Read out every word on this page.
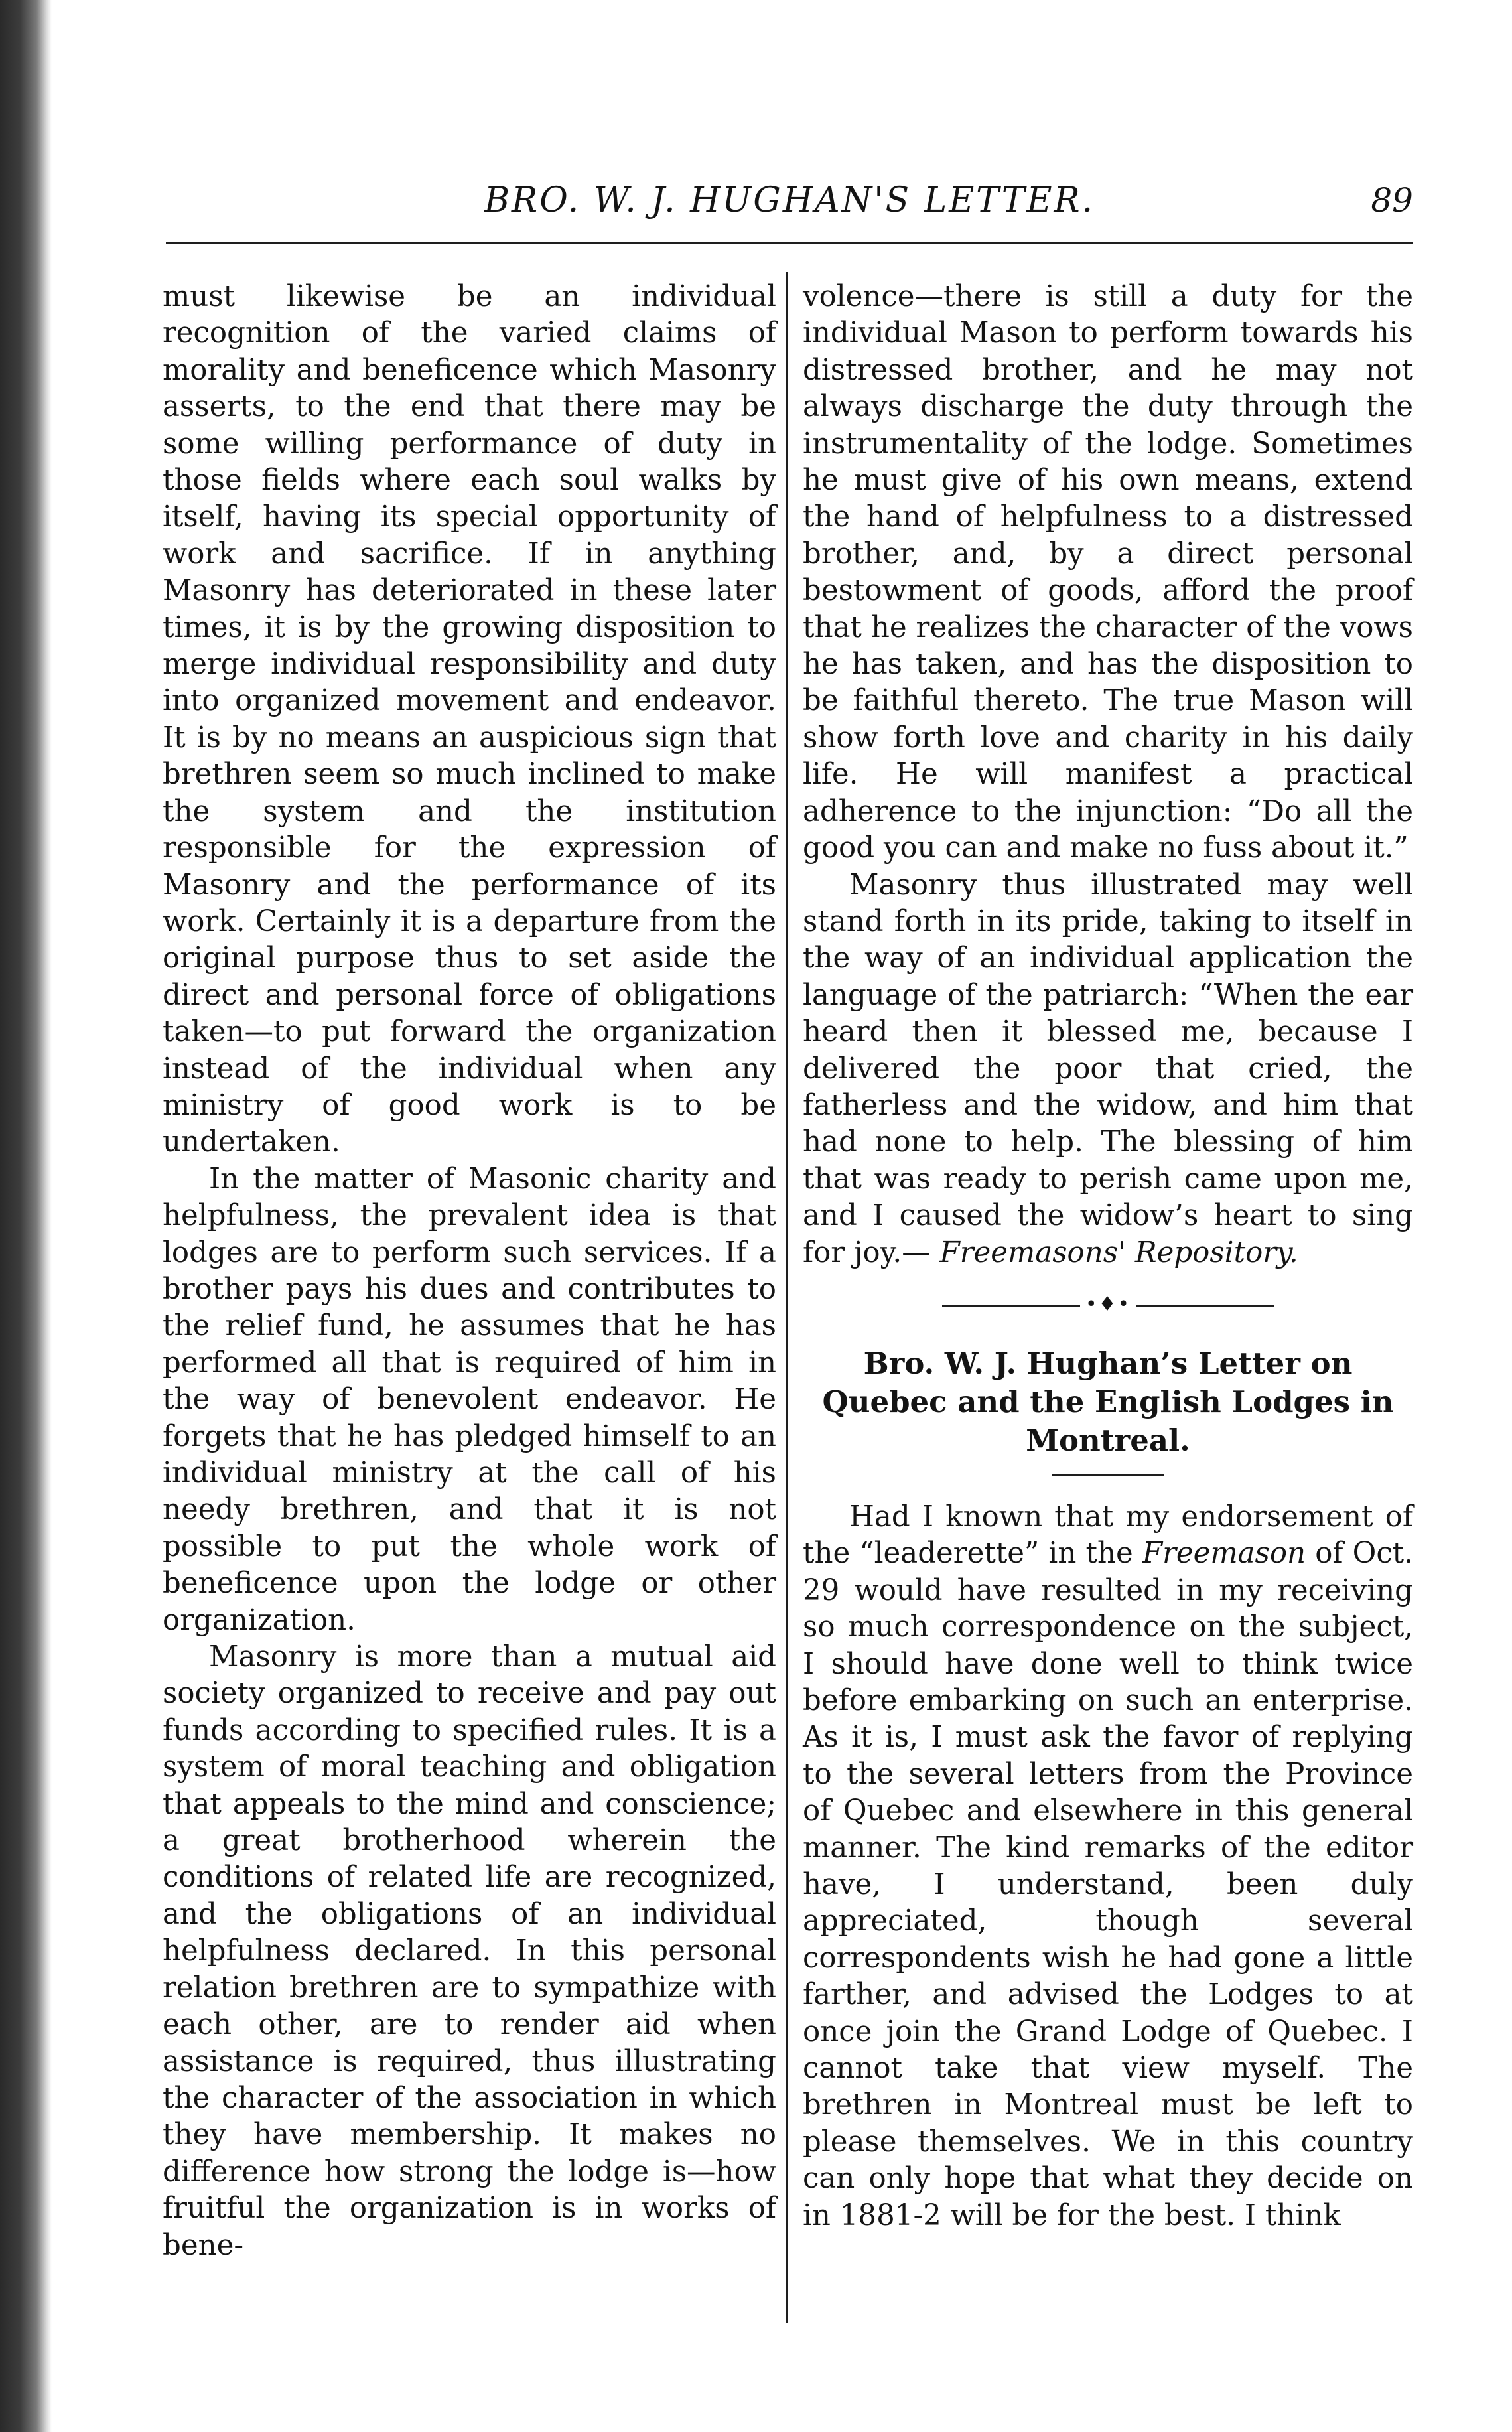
BRO. W. J. HUGHAN'S LETTER.	89

must likewise be an individual recognition of the varied claims of morality and beneficence which Masonry asserts, to the end that there may be some willing performance of duty in those fields where each soul walks by itself, having its special opportunity of work and sacrifice. If in anything Masonry has deteriorated in these later times, it is by the growing disposition to merge individual responsibility and duty into organized movement and endeavor. It is by no means an auspicious sign that brethren seem so much inclined to make the system and the institution responsible for the expression of Masonry and the performance of its work. Certainly it is a departure from the original purpose thus to set aside the direct and personal force of obligations taken—to put forward the organization instead of the individual when any ministry of good work is to be undertaken.

In the matter of Masonic charity and helpfulness, the prevalent idea is that lodges are to perform such services. If a brother pays his dues and contributes to the relief fund, he assumes that he has performed all that is required of him in the way of benevolent endeavor. He forgets that he has pledged himself to an individual ministry at the call of his needy brethren, and that it is not possible to put the whole work of beneficence upon the lodge or other organization.

Masonry is more than a mutual aid society organized to receive and pay out funds according to specified rules. It is a system of moral teaching and obligation that appeals to the mind and conscience; a great brotherhood wherein the conditions of related life are recognized, and the obligations of an individual helpfulness declared. In this personal relation brethren are to sympathize with each other, are to render aid when assistance is required, thus illustrating the character of the association in which they have membership. It makes no difference how strong the lodge is—how fruitful the organization is in works of bene-

volence—there is still a duty for the individual Mason to perform towards his distressed brother, and he may not always discharge the duty through the instrumentality of the lodge. Sometimes he must give of his own means, extend the hand of helpfulness to a distressed brother, and, by a direct personal bestowment of goods, afford the proof that he realizes the character of the vows he has taken, and has the disposition to be faithful thereto. The true Mason will show forth love and charity in his daily life. He will manifest a practical adherence to the injunction: “Do all the good you can and make no fuss about it.”

Masonry thus illustrated may well stand forth in its pride, taking to itself in the way of an individual application the language of the patriarch: “When the ear heard then it blessed me, because I delivered the poor that cried, the fatherless and the widow, and him that had none to help. The blessing of him that was ready to perish came upon me, and I caused the widow’s heart to sing for joy.— Freemasons' Repository.

•♦•
Bro. W. J. Hughan’s Letter on Quebec and the English Lodges in Montreal.

Had I known that my endorsement of the “leaderette” in the Freemason of Oct. 29 would have resulted in my receiving so much correspondence on the subject, I should have done well to think twice before embarking on such an enterprise. As it is, I must ask the favor of replying to the several letters from the Province of Quebec and elsewhere in this general manner. The kind remarks of the editor have, I understand, been duly appreciated, though several correspondents wish he had gone a little farther, and advised the Lodges to at once join the Grand Lodge of Quebec. I cannot take that view myself. The brethren in Montreal must be left to please themselves. We in this country can only hope that what they decide on in 1881-2 will be for the best. I think
